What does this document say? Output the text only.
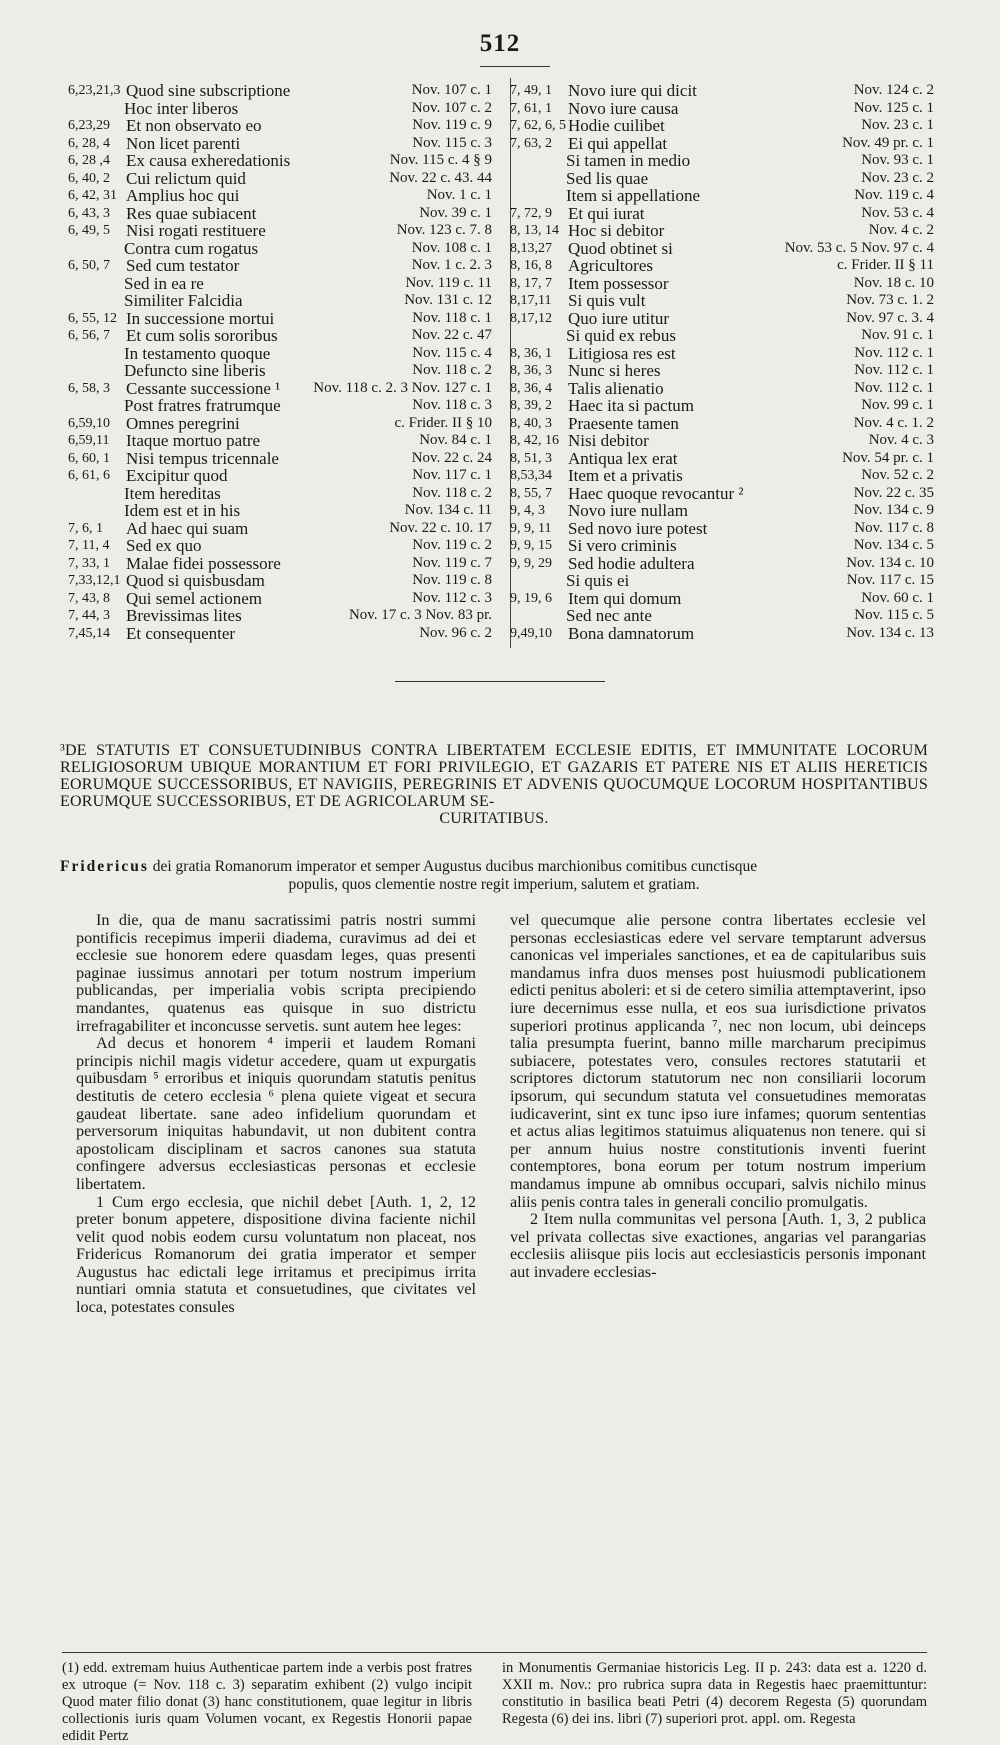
512
6,23,21,3 Quod sine subscriptione	Nov. 107 c. 1
Hoc inter liberos	Nov. 107 c. 2
6,23,29 Et non observato eo	Nov. 119 c. 9
6, 28, 4 Non licet parenti	Nov. 115 c. 3
6, 28 ,4 Ex causa exheredationis	Nov. 115 c. 4 § 9
6, 40, 2 Cui relictum quid	Nov. 22 c. 43. 44
6, 42, 31 Amplius hoc qui	Nov. 1 c. 1
6, 43, 3 Res quae subiacent	Nov. 39 c. 1
6, 49, 5 Nisi rogati restituere	Nov. 123 c. 7. 8
Contra cum rogatus	Nov. 108 c. 1
6, 50, 7 Sed cum testator	Nov. 1 c. 2. 3
Sed in ea re	Nov. 119 c. 11
Similiter Falcidia	Nov. 131 c. 12
6, 55, 12 In successione mortui	Nov. 118 c. 1
6, 56, 7 Et cum solis sororibus	Nov. 22 c. 47
In testamento quoque	Nov. 115 c. 4
Defuncto sine liberis	Nov. 118 c. 2
6, 58, 3 Cessante successione ¹ Nov. 118 c. 2. 3 Nov. 127 c. 1
Post fratres fratrumque	Nov. 118 c. 3
6,59,10 Omnes peregrini	c. Frider. II § 10
6,59,11 Itaque mortuo patre	Nov. 84 c. 1
6, 60, 1 Nisi tempus tricennale	Nov. 22 c. 24
6, 61, 6 Excipitur quod	Nov. 117 c. 1
Item hereditas	Nov. 118 c. 2
Idem est et in his	Nov. 134 c. 11
7, 6, 1 Ad haec qui suam	Nov. 22 c. 10. 17
7, 11, 4 Sed ex quo	Nov. 119 c. 2
7, 33, 1 Malae fidei possessore	Nov. 119 c. 7
7,33,12,1 Quod si quisbusdam	Nov. 119 c. 8
7, 43, 8 Qui semel actionem	Nov. 112 c. 3
7, 44, 3 Brevissimas lites	Nov. 17 c. 3 Nov. 83 pr.
7,45,14 Et consequenter	Nov. 96 c. 2
7, 49, 1 Novo iure qui dicit	Nov. 124 c. 2
7, 61, 1 Novo iure causa	Nov. 125 c. 1
7, 62, 6, 5 Hodie cuilibet	Nov. 23 c. 1
7, 63, 2 Ei qui appellat	Nov. 49 pr. c. 1
Si tamen in medio	Nov. 93 c. 1
Sed lis quae	Nov. 23 c. 2
Item si appellatione	Nov. 119 c. 4
7, 72, 9 Et qui iurat	Nov. 53 c. 4
8, 13, 14 Hoc si debitor	Nov. 4 c. 2
8,13,27 Quod obtinet si	Nov. 53 c. 5 Nov. 97 c. 4
8, 16, 8 Agricultores	c. Frider. II § 11
8, 17, 7 Item possessor	Nov. 18 c. 10
8,17,11 Si quis vult	Nov. 73 c. 1. 2
8,17,12 Quo iure utitur	Nov. 97 c. 3. 4
Si quid ex rebus	Nov. 91 c. 1
8, 36, 1 Litigiosa res est	Nov. 112 c. 1
8, 36, 3 Nunc si heres	Nov. 112 c. 1
8, 36, 4 Talis alienatio	Nov. 112 c. 1
8, 39, 2 Haec ita si pactum	Nov. 99 c. 1
8, 40, 3 Praesente tamen	Nov. 4 c. 1. 2
8, 42, 16 Nisi debitor	Nov. 4 c. 3
8, 51, 3 Antiqua lex erat	Nov. 54 pr. c. 1
8,53,34 Item et a privatis	Nov. 52 c. 2
8, 55, 7 Haec quoque revocantur ²	Nov. 22 c. 35
9, 4, 3 Novo iure nullam	Nov. 134 c. 9
9, 9, 11 Sed novo iure potest	Nov. 117 c. 8
9, 9, 15 Si vero criminis	Nov. 134 c. 5
9, 9, 29 Sed hodie adultera	Nov. 134 c. 10
Si quis ei	Nov. 117 c. 15
9, 19, 6 Item qui domum	Nov. 60 c. 1
Sed nec ante	Nov. 115 c. 5
9,49,10 Bona damnatorum	Nov. 134 c. 13
³DE STATUTIS ET CONSUETUDINIBUS CONTRA LIBERTATEM ECCLESIE EDITIS, ET IMMUNITATE LOCORUM RELIGIOSORUM UBIQUE MORANTIUM ET FORI PRIVILEGIO, ET GAZARIS ET PATERE NIS ET ALIIS HERETICIS EORUMQUE SUCCESSORIBUS, ET NAVIGIIS, PEREGRINIS ET ADVENIS QUOCUMQUE LOCORUM HOSPITANTIBUS EORUMQUE SUCCESSORIBUS, ET DE AGRICOLARUM SE-
CURITATIBUS.
Fridericus dei gratia Romanorum imperator et semper Augustus ducibus marchionibus comitibus cunctisque
populis, quos clementie nostre regit imperium, salutem et gratiam.

In die, qua de manu sacratissimi patris nostri summi pontificis recepimus imperii diadema, curavimus ad dei et ecclesie sue honorem edere quasdam leges, quas presenti paginae iussimus annotari per totum nostrum imperium publicandas, per imperialia vobis scripta precipiendo mandantes, quatenus eas quisque in suo districtu irrefragabiliter et inconcusse servetis. sunt autem hee leges:

Ad decus et honorem ⁴ imperii et laudem Romani principis nichil magis videtur accedere, quam ut expurgatis quibusdam ⁵ erroribus et iniquis quorundam statutis penitus destitutis de cetero ecclesia ⁶ plena quiete vigeat et secura gaudeat libertate. sane adeo infidelium quorundam et perversorum iniquitas habundavit, ut non dubitent contra apostolicam disciplinam et sacros canones sua statuta confingere adversus ecclesiasticas personas et ecclesie libertatem.

1 Cum ergo ecclesia, que nichil debet [Auth. 1, 2, 12 preter bonum appetere, dispositione divina faciente nichil velit quod nobis eodem cursu voluntatum non placeat, nos Fridericus Romanorum dei gratia imperator et semper Augustus hac edictali lege irritamus et precipimus irrita nuntiari omnia statuta et consuetudines, que civitates vel loca, potestates consules

vel quecumque alie persone contra libertates ecclesie vel personas ecclesiasticas edere vel servare temptarunt adversus canonicas vel imperiales sanctiones, et ea de capitularibus suis mandamus infra duos menses post huiusmodi publicationem edicti penitus aboleri: et si de cetero similia attemptaverint, ipso iure decernimus esse nulla, et eos sua iurisdictione privatos superiori protinus applicanda ⁷, nec non locum, ubi deinceps talia presumpta fuerint, banno mille marcharum precipimus subiacere, potestates vero, consules rectores statutarii et scriptores dictorum statutorum nec non consiliarii locorum ipsorum, qui secundum statuta vel consuetudines memoratas iudicaverint, sint ex tunc ipso iure infames; quorum sententias et actus alias legitimos statuimus aliquatenus non tenere. qui si per annum huius nostre constitutionis inventi fuerint contemptores, bona eorum per totum nostrum imperium mandamus impune ab omnibus occupari, salvis nichilo minus aliis penis contra tales in generali concilio promulgatis.

2 Item nulla communitas vel persona [Auth. 1, 3, 2 publica vel privata collectas sive exactiones, angarias vel parangarias ecclesiis aliisque piis locis aut ecclesiasticis personis imponant aut invadere ecclesias-

(1) edd. extremam huius Authenticae partem inde a verbis post fratres ex utroque (= Nov. 118 c. 3) separatim exhibent (2) vulgo incipit Quod mater filio donat (3) hanc constitutionem, quae legitur in libris collectionis iuris quam Volumen vocant, ex Regestis Honorii papae edidit Pertz

in Monumentis Germaniae historicis Leg. II p. 243: data est a. 1220 d. XXII m. Nov.: pro rubrica supra data in Regestis haec praemittuntur: constitutio in basilica beati Petri (4) decorem Regesta (5) quorundam Regesta (6) dei ins. libri (7) superiori prot. appl. om. Regesta
